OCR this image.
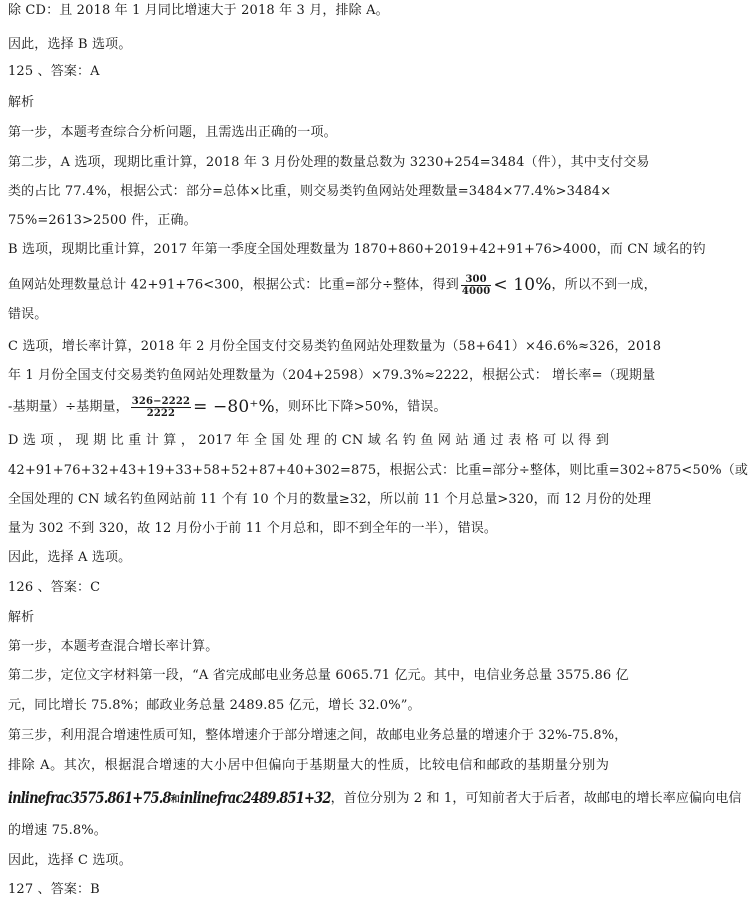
除 CD：且 2018 年 1 月同比增速大于 2018 年 3 月，排除 A。
因此，选择 B 选项。
125 、答案：A
解析
第一步，本题考查综合分析问题，且需选出正确的一项。
第二步，A 选项，现期比重计算，2018 年 3 月份处理的数量总数为 3230+254=3484（件），其中支付交易
类的占比 77.4%，根据公式：部分=总体×比重，则交易类钓鱼网站处理数量=3484×77.4%>3484×
75%=2613>2500 件，正确。
B 选项，现期比重计算，2017 年第一季度全国处理数量为 1870+860+2019+42+91+76>4000，而 CN 域名的钓
鱼网站处理数量总计 42+91+76<300，根据公式：比重=部分÷整体，得到 $\frac{300}{4000} < 10\%$，所以不到一成，
错误。
C 选项，增长率计算，2018 年 2 月份全国支付交易类钓鱼网站处理数量为（58+641）×46.6%≈326，2018
年 1 月份全国支付交易类钓鱼网站处理数量为（204+2598）×79.3%≈2222，根据公式： 增长率=（现期量
-基期量）÷基期量， $\frac{326-2222}{2222} = -80^+\%$，则环比下降>50%，错误。
D 选 项 ， 现 期 比 重 计 算 ， 2017 年 全 国 处 理 的 CN 域 名 钓 鱼 网 站 通 过 表 格 可 以 得 到
42+91+76+32+43+19+33+58+52+87+40+302=875，根据公式：比重=部分÷整体，则比重=302÷875<50%（或
全国处理的 CN 域名钓鱼网站前 11 个有 10 个月的数量≥32，所以前 11 个月总量>320，而 12 月份的处理
量为 302 不到 320，故 12 月份小于前 11 个月总和，即不到全年的一半），错误。
因此，选择 A 选项。
126 、答案：C
解析
第一步，本题考查混合增长率计算。
第二步，定位文字材料第一段，“A 省完成邮电业务总量 6065.71 亿元。其中，电信业务总量 3575.86 亿
元，同比增长 75.8%；邮政业务总量 2489.85 亿元，增长 32.0%”。
第三步，利用混合增速性质可知，整体增速介于部分增速之间，故邮电业务总量的增速介于 32%-75.8%，
排除 A。其次，根据混合增速的大小居中但偏向于基期量大的性质，比较电信和邮政的基期量分别为
inlinefrac3575.861+75.8和inlinefrac2489.851+32，首位分别为 2 和 1，可知前者大于后者，故邮电的增长率应偏向电信
的增速 75.8%。
因此，选择 C 选项。
127 、答案：B
